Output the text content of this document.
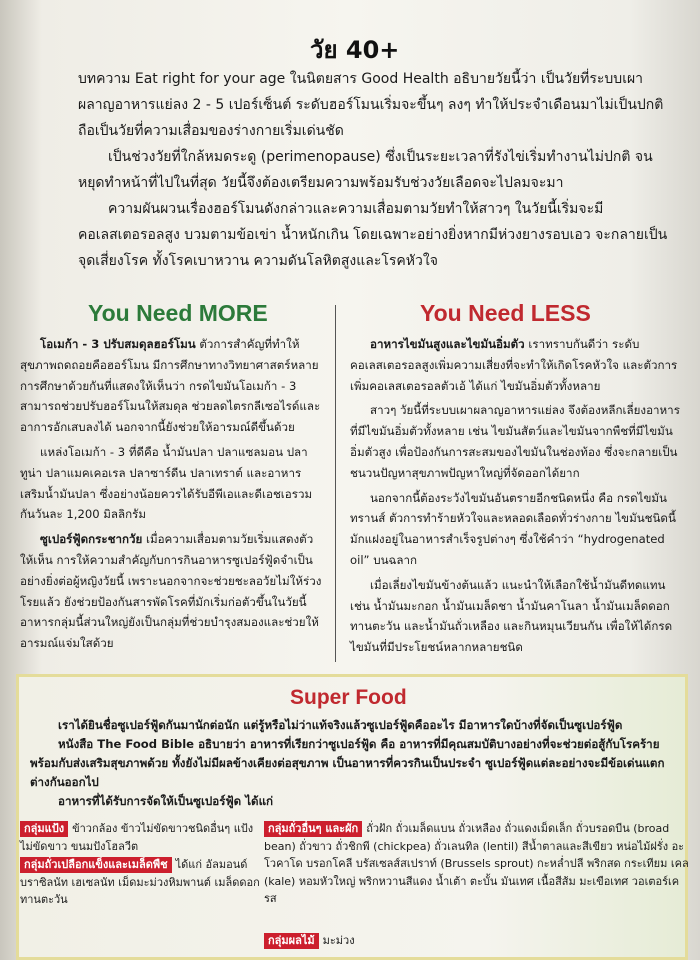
วัย 40+

บทความ Eat right for your age ในนิตยสาร Good Health อธิบายวัยนี้ว่า เป็นวัยที่ระบบเผาผลาญอาหารแย่ลง 2 - 5 เปอร์เซ็นต์ ระดับฮอร์โมนเริ่มจะขึ้นๆ ลงๆ ทำให้ประจำเดือนมาไม่เป็นปกติ ถือเป็นวัยที่ความเสื่อมของร่างกายเริ่มเด่นชัด

เป็นช่วงวัยที่ใกล้หมดระดู (perimenopause) ซึ่งเป็นระยะเวลาที่รังไข่เริ่มทำงานไม่ปกติ จนหยุดทำหน้าที่ไปในที่สุด วัยนี้จึงต้องเตรียมความพร้อมรับช่วงวัยเลือดจะไปลมจะมา

ความผันผวนเรื่องฮอร์โมนดังกล่าวและความเสื่อมตามวัยทำให้สาวๆ ในวัยนี้เริ่มจะมีคอเลสเตอรอลสูง บวมตามข้อเข่า น้ำหนักเกิน โดยเฉพาะอย่างยิ่งหากมีห่วงยางรอบเอว จะกลายเป็นจุดเสี่ยงโรค ทั้งโรคเบาหวาน ความดันโลหิตสูงและโรคหัวใจ

You Need MORE	You Need LESS

โอเมก้า - 3 ปรับสมดุลฮอร์โมน ตัวการสำคัญที่ทำให้สุขภาพถดถอยคือฮอร์โมน มีการศึกษาทางวิทยาศาสตร์หลายการศึกษาด้วยกันที่แสดงให้เห็นว่า กรดไขมันโอเมก้า - 3 สามารถช่วยปรับฮอร์โมนให้สมดุล ช่วยลดไตรกลีเซอไรด์และอาการอักเสบลงได้ นอกจากนี้ยังช่วยให้อารมณ์ดีขึ้นด้วย

แหล่งโอเมก้า - 3 ที่ดีคือ น้ำมันปลา ปลาแซลมอน ปลาทูน่า ปลาแมคเคอเรล ปลาซาร์ดีน ปลาเทราต์ และอาหารเสริมน้ำมันปลา ซึ่งอย่างน้อยควรได้รับอีพีเอและดีเอชเอรวมกันวันละ 1,200 มิลลิกรัม

ซูเปอร์ฟู้ดกระชากวัย เมื่อความเสื่อมตามวัยเริ่มแสดงตัวให้เห็น การให้ความสำคัญกับการกินอาหารซูเปอร์ฟู้ดจำเป็นอย่างยิ่งต่อผู้หญิงวัยนี้ เพราะนอกจากจะช่วยชะลอวัยไม่ให้ร่วงโรยแล้ว ยังช่วยป้องกันสารพัดโรคที่มักเริ่มก่อตัวขึ้นในวัยนี้ อาหารกลุ่มนี้ส่วนใหญ่ยังเป็นกลุ่มที่ช่วยบำรุงสมองและช่วยให้อารมณ์แจ่มใสด้วย

อาหารไขมันสูงและไขมันอิ่มตัว เราทราบกันดีว่า ระดับคอเลสเตอรอลสูงเพิ่มความเสี่ยงที่จะทำให้เกิดโรคหัวใจ และตัวการเพิ่มคอเลสเตอรอลตัวเอ้ ได้แก่ ไขมันอิ่มตัวทั้งหลาย

สาวๆ วัยนี้ที่ระบบเผาผลาญอาหารแย่ลง จึงต้องหลีกเลี่ยงอาหารที่มีไขมันอิ่มตัวทั้งหลาย เช่น ไขมันสัตว์และไขมันจากพืชที่มีไขมันอิ่มตัวสูง เพื่อป้องกันการสะสมของไขมันในช่องท้อง ซึ่งจะกลายเป็นชนวนปัญหาสุขภาพปัญหาใหญ่ที่จัดออกได้ยาก

นอกจากนี้ต้องระวังไขมันอันตรายอีกชนิดหนึ่ง คือ กรดไขมันทรานส์ ตัวการทำร้ายหัวใจและหลอดเลือดทั่วร่างกาย ไขมันชนิดนี้มักแฝงอยู่ในอาหารสำเร็จรูปต่างๆ ซึ่งใช้คำว่า “hydrogenated oil” บนฉลาก

เมื่อเลี่ยงไขมันข้างต้นแล้ว แนะนำให้เลือกใช้น้ำมันดีทดแทน เช่น น้ำมันมะกอก น้ำมันเมล็ดชา น้ำมันคาโนลา น้ำมันเมล็ดดอกทานตะวัน และน้ำมันถั่วเหลือง และกินหมุนเวียนกัน เพื่อให้ได้กรดไขมันที่มีประโยชน์หลากหลายชนิด

Super Food

เราได้ยินชื่อซูเปอร์ฟู้ดกันมานักต่อนัก แต่รู้หรือไม่ว่าแท้จริงแล้วซูเปอร์ฟู้ดคืออะไร มีอาหารใดบ้างที่จัดเป็นซูเปอร์ฟู้ด

หนังสือ The Food Bible อธิบายว่า อาหารที่เรียกว่าซูเปอร์ฟู้ด คือ อาหารที่มีคุณสมบัติบางอย่างที่จะช่วยต่อสู้กับโรคร้าย พร้อมกับส่งเสริมสุขภาพด้วย ทั้งยังไม่มีผลข้างเคียงต่อสุขภาพ เป็นอาหารที่ควรกินเป็นประจำ ซูเปอร์ฟู้ดแต่ละอย่างจะมีข้อเด่นแตกต่างกันออกไป

อาหารที่ได้รับการจัดให้เป็นซูเปอร์ฟู้ด ได้แก่

กลุ่มแป้ง ข้าวกล้อง ข้าวไม่ขัดขาวชนิดอื่นๆ แป้งไม่ขัดขาว ขนมปังโฮลวีต
กลุ่มถั่วเปลือกแข็งและเมล็ดพืช ได้แก่ อัลมอนด์ บราซิลนัท เฮเซลนัท เม็ดมะม่วงหิมพานต์ เมล็ดดอกทานตะวัน
กลุ่มถั่วอื่นๆ และผัก ถั่วฝัก ถั่วเมล็ดแบน ถั่วเหลือง ถั่วแดงเม็ดเล็ก ถั่วบรอดบีน (broad bean) ถั่วขาว ถั่วชิกพี (chickpea) ถั่วเลนทิล (lentil) สีน้ำตาลและสีเขียว หน่อไม้ฝรั่ง อะโวคาโด บรอกโคลี บรัสเซลส์สเปราท์ (Brussels sprout) กะหล่ำปลี พริกสด กระเทียม เคล (kale) หอมหัวใหญ่ พริกหวานสีแดง น้ำเต้า ตะบั้น มันเทศ เนื้อสีส้ม มะเขือเทศ วอเตอร์เครส
กลุ่มผลไม้ มะม่วง
